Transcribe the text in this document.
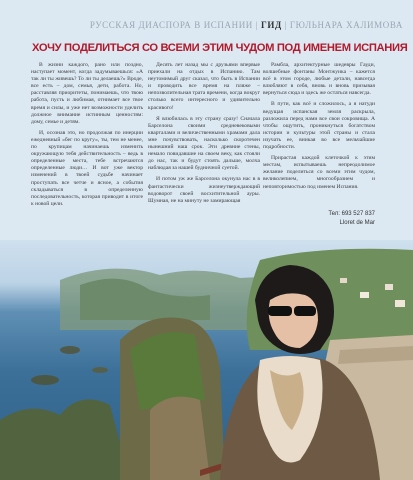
РУССКАЯ ДИАСПОРА В ИСПАНИИ | ГИД | ГЮЛЬНАРА ХАЛИМОВА
ХОЧУ ПОДЕЛИТЬСЯ СО ВСЕМИ ЭТИМ ЧУДОМ ПОД ИМЕНЕМ ИСПАНИЯ

В жизни каждого, рано или поздно, наступает момент, когда задумываешься: «А так ли ты живешь? То ли ты делаешь?» Вроде, все есть – дом, семья, дети, работа. Но, расставляя приоритеты, понимаешь, что твою работа, пусть и любимая, отнимает все твое время и силы, и уже нет возможности уделить должное внимание истинным ценностям: дому, семье и детям.

И, осознав это, но продолжая по инерции ежедневный «бег по кругу», ты, тем не менее, по крупицам начинаешь изменить окружающую тебя действительность – ведь в определенные места, тебе встречаются определенные люди… И вот уже вектор изменений в твоей судьбе начинает проступать все четче и ясное, а события складываться в определенную последовательность, которая приводит в итоге к новой цели.

Десять лет назад мы с друзьями впервые приехали на отдых в Испанию. Там неутомимый друг сказал, что быть в Испании и проводить все время на пляже – непозволительная трата времени, когда вокруг столько всего интересного и удивительно красивого!

Я влюбилась в эту страну сразу! Сначала Барселона своими средневековыми кварталами и величественными храмами дала мне почувствовать, насколько скоротечен нынешний наш срок. Эти древние стены, немало повидавшие на своем веку, как стояли до нас, так и будут стоять дальше, молча наблюдая за нашей будничной суетой.

И потом уж же Барселона окунула нас в в фантастически жизнеутверждающий водоворот своей восхитительной ауры. Шумная, не на минуту не замирающая

Рамбла, архитектурные шедевры Гауди, волшебные фонтаны Монтжуика – кажется всё в этом городе, любые детали, навсегда влюбляют в себя, вновь и вновь призывая вернуться сюда и здесь же остаться навсегда.

В пути, как всё и сложилось, а я натуди ведущая испанская земля раскрыла, разложила перед нами все свои сокровища. А чтобы ощутить, проникнуться богатством истории и культуры этой страны и стала изучать ее, вникая во все мельчайшие подробности.

Прирастая каждой клеточкой к этим местам, испытываешь непреодолимое желание поделиться со всеми этим чудом, великолепием, многообразием и неповторимостью под именем Испания.

Тел: 693 527 837
Lloret de Mar
